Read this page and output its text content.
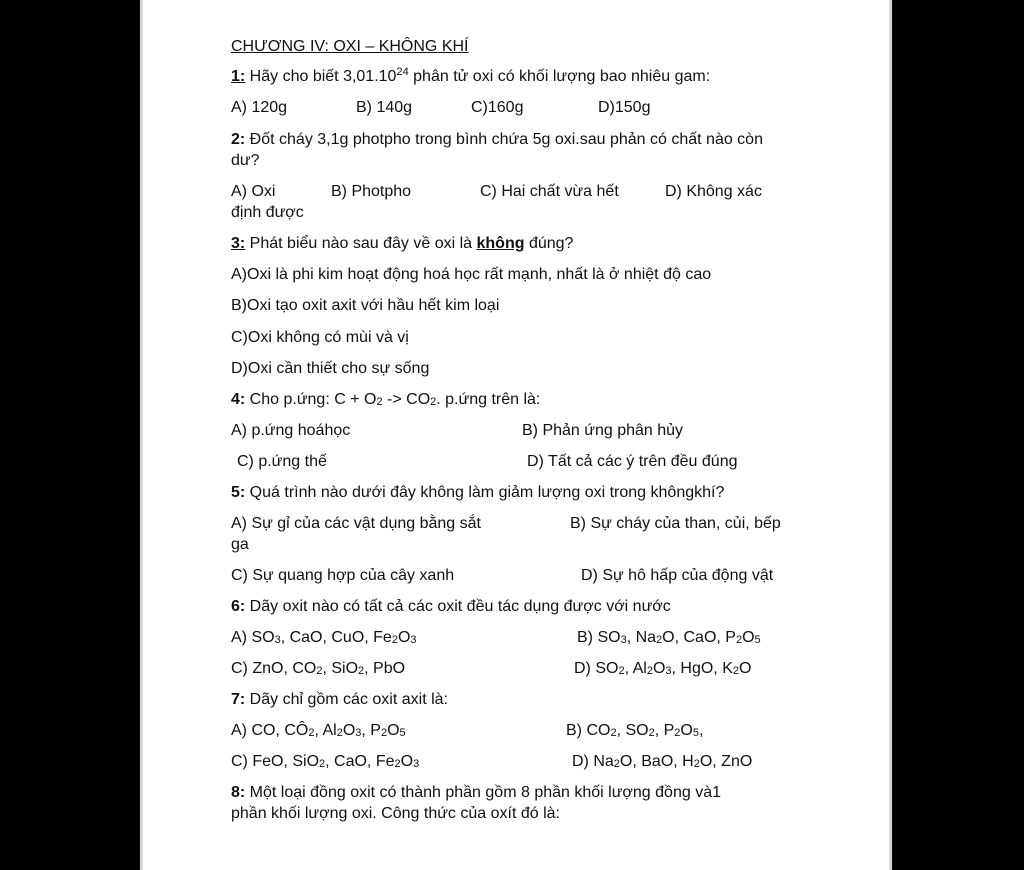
CHƯƠNG IV: OXI – KHÔNG KHÍ
1: Hãy cho biết 3,01.10$^{24}$ phân tử oxi có khối lượng bao nhiêu gam:
A) 120g	B) 140g	C)160g	D)150g
2: Đốt cháy 3,1g photpho trong bình chứa 5g oxi.sau phản có chất nào còn
dư?
A) Oxi	B) Photpho	C) Hai chất vừa hết	D) Không xác
định được
3: Phát biểu nào sau đây về oxi là không đúng?
A)Oxi là phi kim hoạt động hoá học rất mạnh, nhất là ở nhiệt độ cao
B)Oxi tạo oxit axit với hầu hết kim loại
C)Oxi không có mùi và vị
D)Oxi cần thiết cho sự sống
4: Cho p.ứng: $C + O_2 -> CO_2$. p.ứng trên là:
A) p.ứng hoáhọc	B) Phản ứng phân hủy
C) p.ứng thế	D) Tất cả các ý trên đều đúng
5: Quá trình nào dưới đây không làm giảm lượng oxi trong khôngkhí?
A) Sự gỉ của các vật dụng bằng sắt	B) Sự cháy của than, củi, bếp
ga
C) Sự quang hợp của cây xanh	D) Sự hô hấp của động vật
6: Dãy oxit nào có tất cả các oxit đều tác dụng được với nước
A) $SO_3$, CaO, CuO, $Fe_2O_3$	B) $SO_3$, $Na_2O$, CaO, $P_2O_5$
C) ZnO, $CO_2$, SiO$_2$, PbO	D) $SO_2$, $Al_2O_3$, HgO, $K_2O$
7: Dãy chỉ gồm các oxit axit là:
A) CO, $CÔ_2$, $Al_2O_3$, $P_2O_5$	B) $CO_2$, $SO_2$, $P_2O_5$,
C) FeO, SiO$_2$, CaO, $Fe_2O_3$	D) $Na_2O$, BaO, $H_2O$, ZnO
8: Một loại đồng oxit có thành phần gồm 8 phần khối lượng đồng và1
phần khối lượng oxi. Công thức của oxít đó là:
